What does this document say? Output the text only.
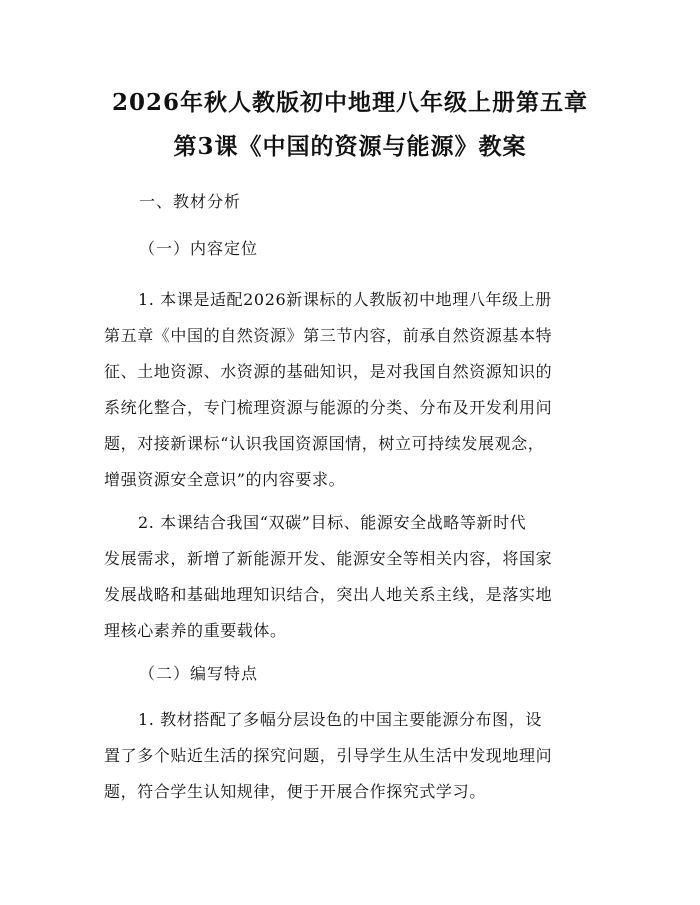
2026年秋人教版初中地理八年级上册第五章
第3课《中国的资源与能源》教案
一、教材分析
（一）内容定位
1. 本课是适配2026新课标的人教版初中地理八年级上册
第五章《中国的自然资源》第三节内容，前承自然资源基本特
征、土地资源、水资源的基础知识，是对我国自然资源知识的
系统化整合，专门梳理资源与能源的分类、分布及开发利用问
题，对接新课标“认识我国资源国情，树立可持续发展观念，
增强资源安全意识”的内容要求。
2. 本课结合我国“双碳”目标、能源安全战略等新时代
发展需求，新增了新能源开发、能源安全等相关内容，将国家
发展战略和基础地理知识结合，突出人地关系主线，是落实地
理核心素养的重要载体。
（二）编写特点
1. 教材搭配了多幅分层设色的中国主要能源分布图，设
置了多个贴近生活的探究问题，引导学生从生活中发现地理问
题，符合学生认知规律，便于开展合作探究式学习。
